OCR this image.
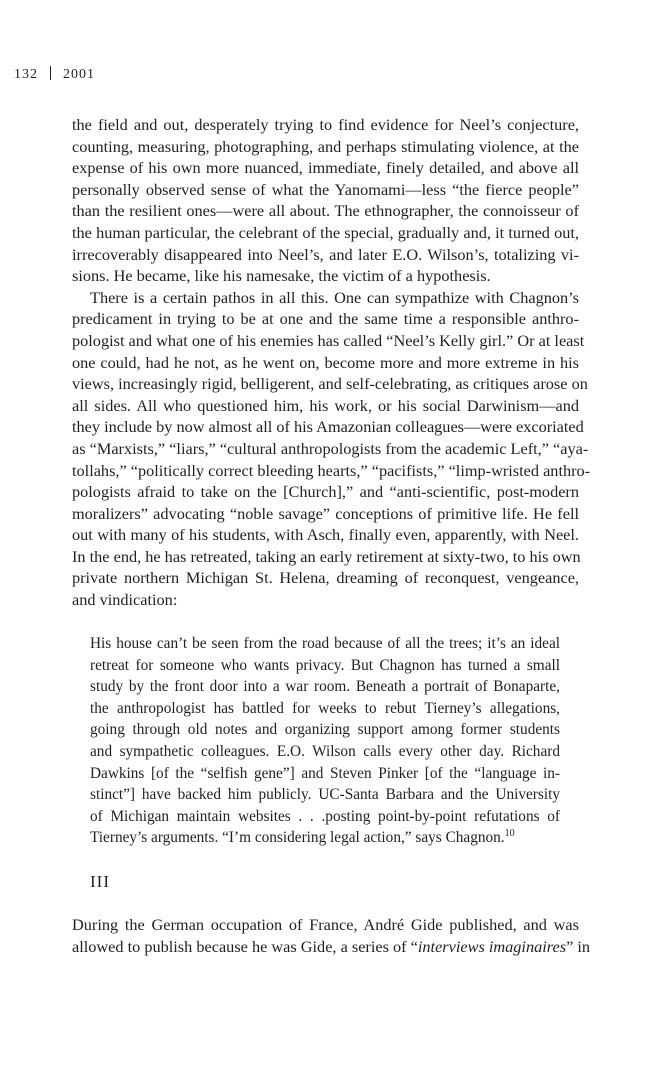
132 2001
the field and out, desperately trying to find evidence for Neel’s conjecture,
counting, measuring, photographing, and perhaps stimulating violence, at the
expense of his own more nuanced, immediate, finely detailed, and above all
personally observed sense of what the Yanomami—less “the fierce people”
than the resilient ones—were all about. The ethnographer, the connoisseur of
the human particular, the celebrant of the special, gradually and, it turned out,
irrecoverably disappeared into Neel’s, and later E.O. Wilson’s, totalizing vi-
sions. He became, like his namesake, the victim of a hypothesis.
There is a certain pathos in all this. One can sympathize with Chagnon’s
predicament in trying to be at one and the same time a responsible anthro-
pologist and what one of his enemies has called “Neel’s Kelly girl.” Or at least
one could, had he not, as he went on, become more and more extreme in his
views, increasingly rigid, belligerent, and self-celebrating, as critiques arose on
all sides. All who questioned him, his work, or his social Darwinism—and
they include by now almost all of his Amazonian colleagues—were excoriated
as “Marxists,” “liars,” “cultural anthropologists from the academic Left,” “aya-
tollahs,” “politically correct bleeding hearts,” “pacifists,” “limp-wristed anthro-
pologists afraid to take on the [Church],” and “anti-scientific, post-modern
moralizers” advocating “noble savage” conceptions of primitive life. He fell
out with many of his students, with Asch, finally even, apparently, with Neel.
In the end, he has retreated, taking an early retirement at sixty-two, to his own
private northern Michigan St. Helena, dreaming of reconquest, vengeance,
and vindication:
His house can’t be seen from the road because of all the trees; it’s an ideal
retreat for someone who wants privacy. But Chagnon has turned a small
study by the front door into a war room. Beneath a portrait of Bonaparte,
the anthropologist has battled for weeks to rebut Tierney’s allegations,
going through old notes and organizing support among former students
and sympathetic colleagues. E.O. Wilson calls every other day. Richard
Dawkins [of the “selfish gene”] and Steven Pinker [of the “language in-
stinct”] have backed him publicly. UC-Santa Barbara and the University
of Michigan maintain websites . . .posting point-by-point refutations of
Tierney’s arguments. “I’m considering legal action,” says Chagnon.$^{10}$
III
During the German occupation of France, André Gide published, and was
allowed to publish because he was Gide, a series of “interviews imaginaires” in
